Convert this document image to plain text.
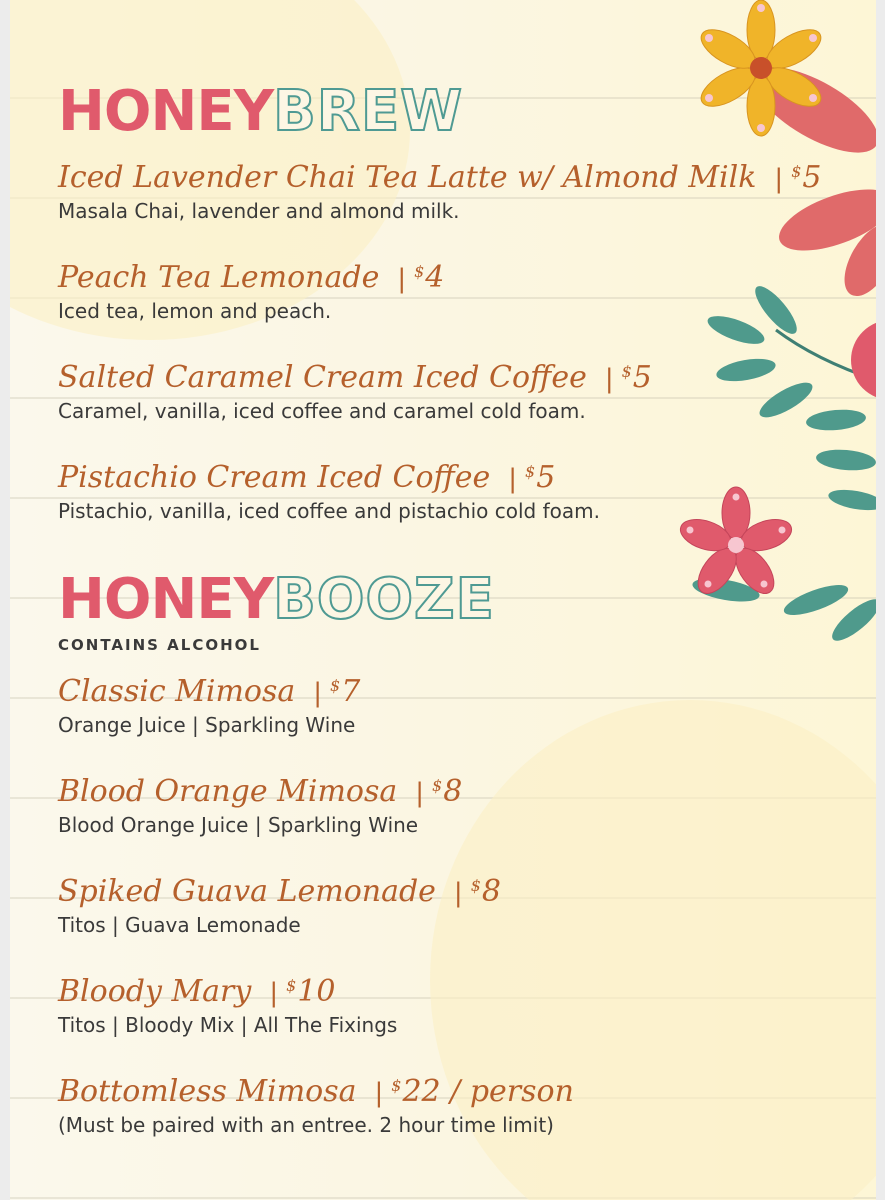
HONEY BREW
Iced Lavender Chai Tea Latte w/ Almond Milk | $5
Masala Chai, lavender and almond milk.
Peach Tea Lemonade | $4
Iced tea, lemon and peach.
Salted Caramel Cream Iced Coffee | $5
Caramel, vanilla, iced coffee and caramel cold foam.
Pistachio Cream Iced Coffee | $5
Pistachio, vanilla, iced coffee and pistachio cold foam.
HONEY BOOZE
CONTAINS ALCOHOL
Classic Mimosa | $7
Orange Juice | Sparkling Wine
Blood Orange Mimosa | $8
Blood Orange Juice | Sparkling Wine
Spiked Guava Lemonade | $8
Titos | Guava Lemonade
Bloody Mary | $10
Titos | Bloody Mix | All The Fixings
Bottomless Mimosa | $22 / person
(Must be paired with an entree. 2 hour time limit)
